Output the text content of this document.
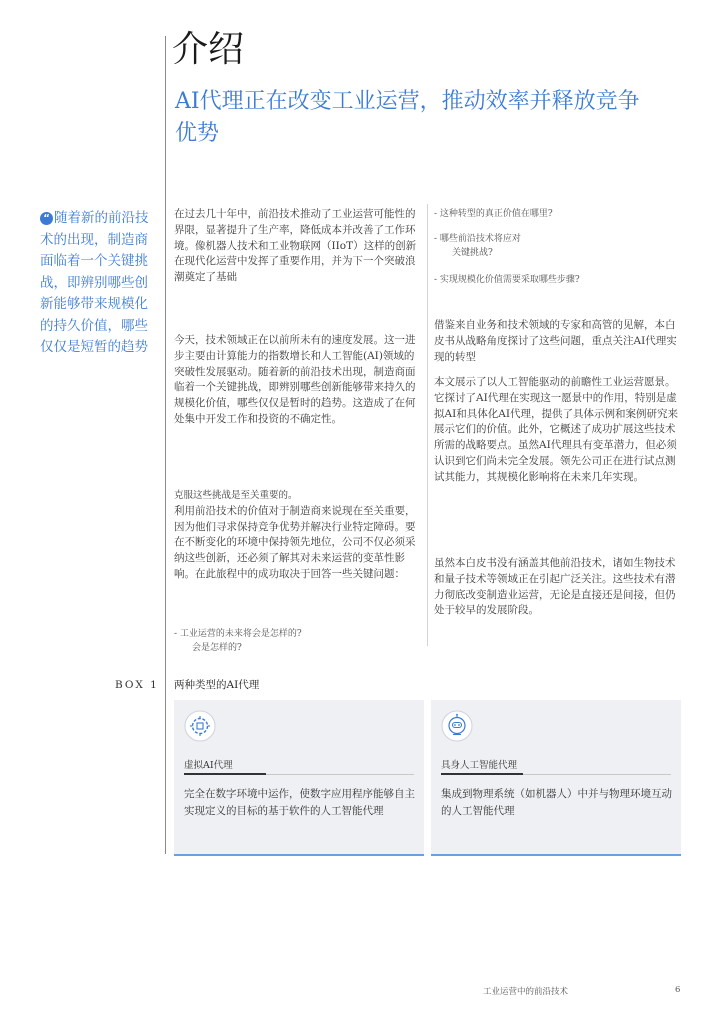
介绍
AI代理正在改变工业运营，推动效率并释放竞争优势
“ 随着新的前沿技术的出现，制造商面临着一个关键挑战，即辨别哪些创新能够带来规模化的持久价值，哪些仅仅是短暂的趋势
在过去几十年中，前沿技术推动了工业运营可能性的界限，显著提升了生产率，降低成本并改善了工作环境。像机器人技术和工业物联网（IIoT）这样的创新在现代化运营中发挥了重要作用，并为下一个突破浪潮奠定了基础
今天，技术领域正在以前所未有的速度发展。这一进步主要由计算能力的指数增长和人工智能(AI)领域的突破性发展驱动。随着新的前沿技术出现，制造商面临着一个关键挑战，即辨别哪些创新能够带来持久的规模化价值，哪些仅仅是暂时的趋势。这造成了在何处集中开发工作和投资的不确定性。
克服这些挑战是至关重要的。
利用前沿技术的价值对于制造商来说现在至关重要，因为他们寻求保持竞争优势并解决行业特定障碍。要在不断变化的环境中保持领先地位，公司不仅必须采纳这些创新，还必须了解其对未来运营的变革性影响。在此旅程中的成功取决于回答一些关键问题：
- 工业运营的未来将会是怎样的?
会是怎样的?
- 这种转型的真正价值在哪里?
- 哪些前沿技术将应对
关键挑战?
- 实现规模化价值需要采取哪些步骤?
借鉴来自业务和技术领域的专家和高管的见解，本白皮书从战略角度探讨了这些问题，重点关注AI代理实现的转型
本文展示了以人工智能驱动的前瞻性工业运营愿景。它探讨了AI代理在实现这一愿景中的作用，特别是虚拟AI和具体化AI代理，提供了具体示例和案例研究来展示它们的价值。此外，它概述了成功扩展这些技术所需的战略要点。虽然AI代理具有变革潜力，但必须认识到它们尚未完全发展。领先公司正在进行试点测试其能力，其规模化影响将在未来几年实现。
虽然本白皮书没有涵盖其他前沿技术，诸如生物技术和量子技术等领域正在引起广泛关注。这些技术有潜力彻底改变制造业运营，无论是直接还是间接，但仍处于较早的发展阶段。
BOX 1 两种类型的AI代理
虚拟AI代理
完全在数字环境中运作，使数字应用程序能够自主实现定义的目标的基于软件的人工智能代理
具身人工智能代理
集成到物理系统（如机器人）中并与物理环境互动的人工智能代理
工业运营中的前沿技术	6
